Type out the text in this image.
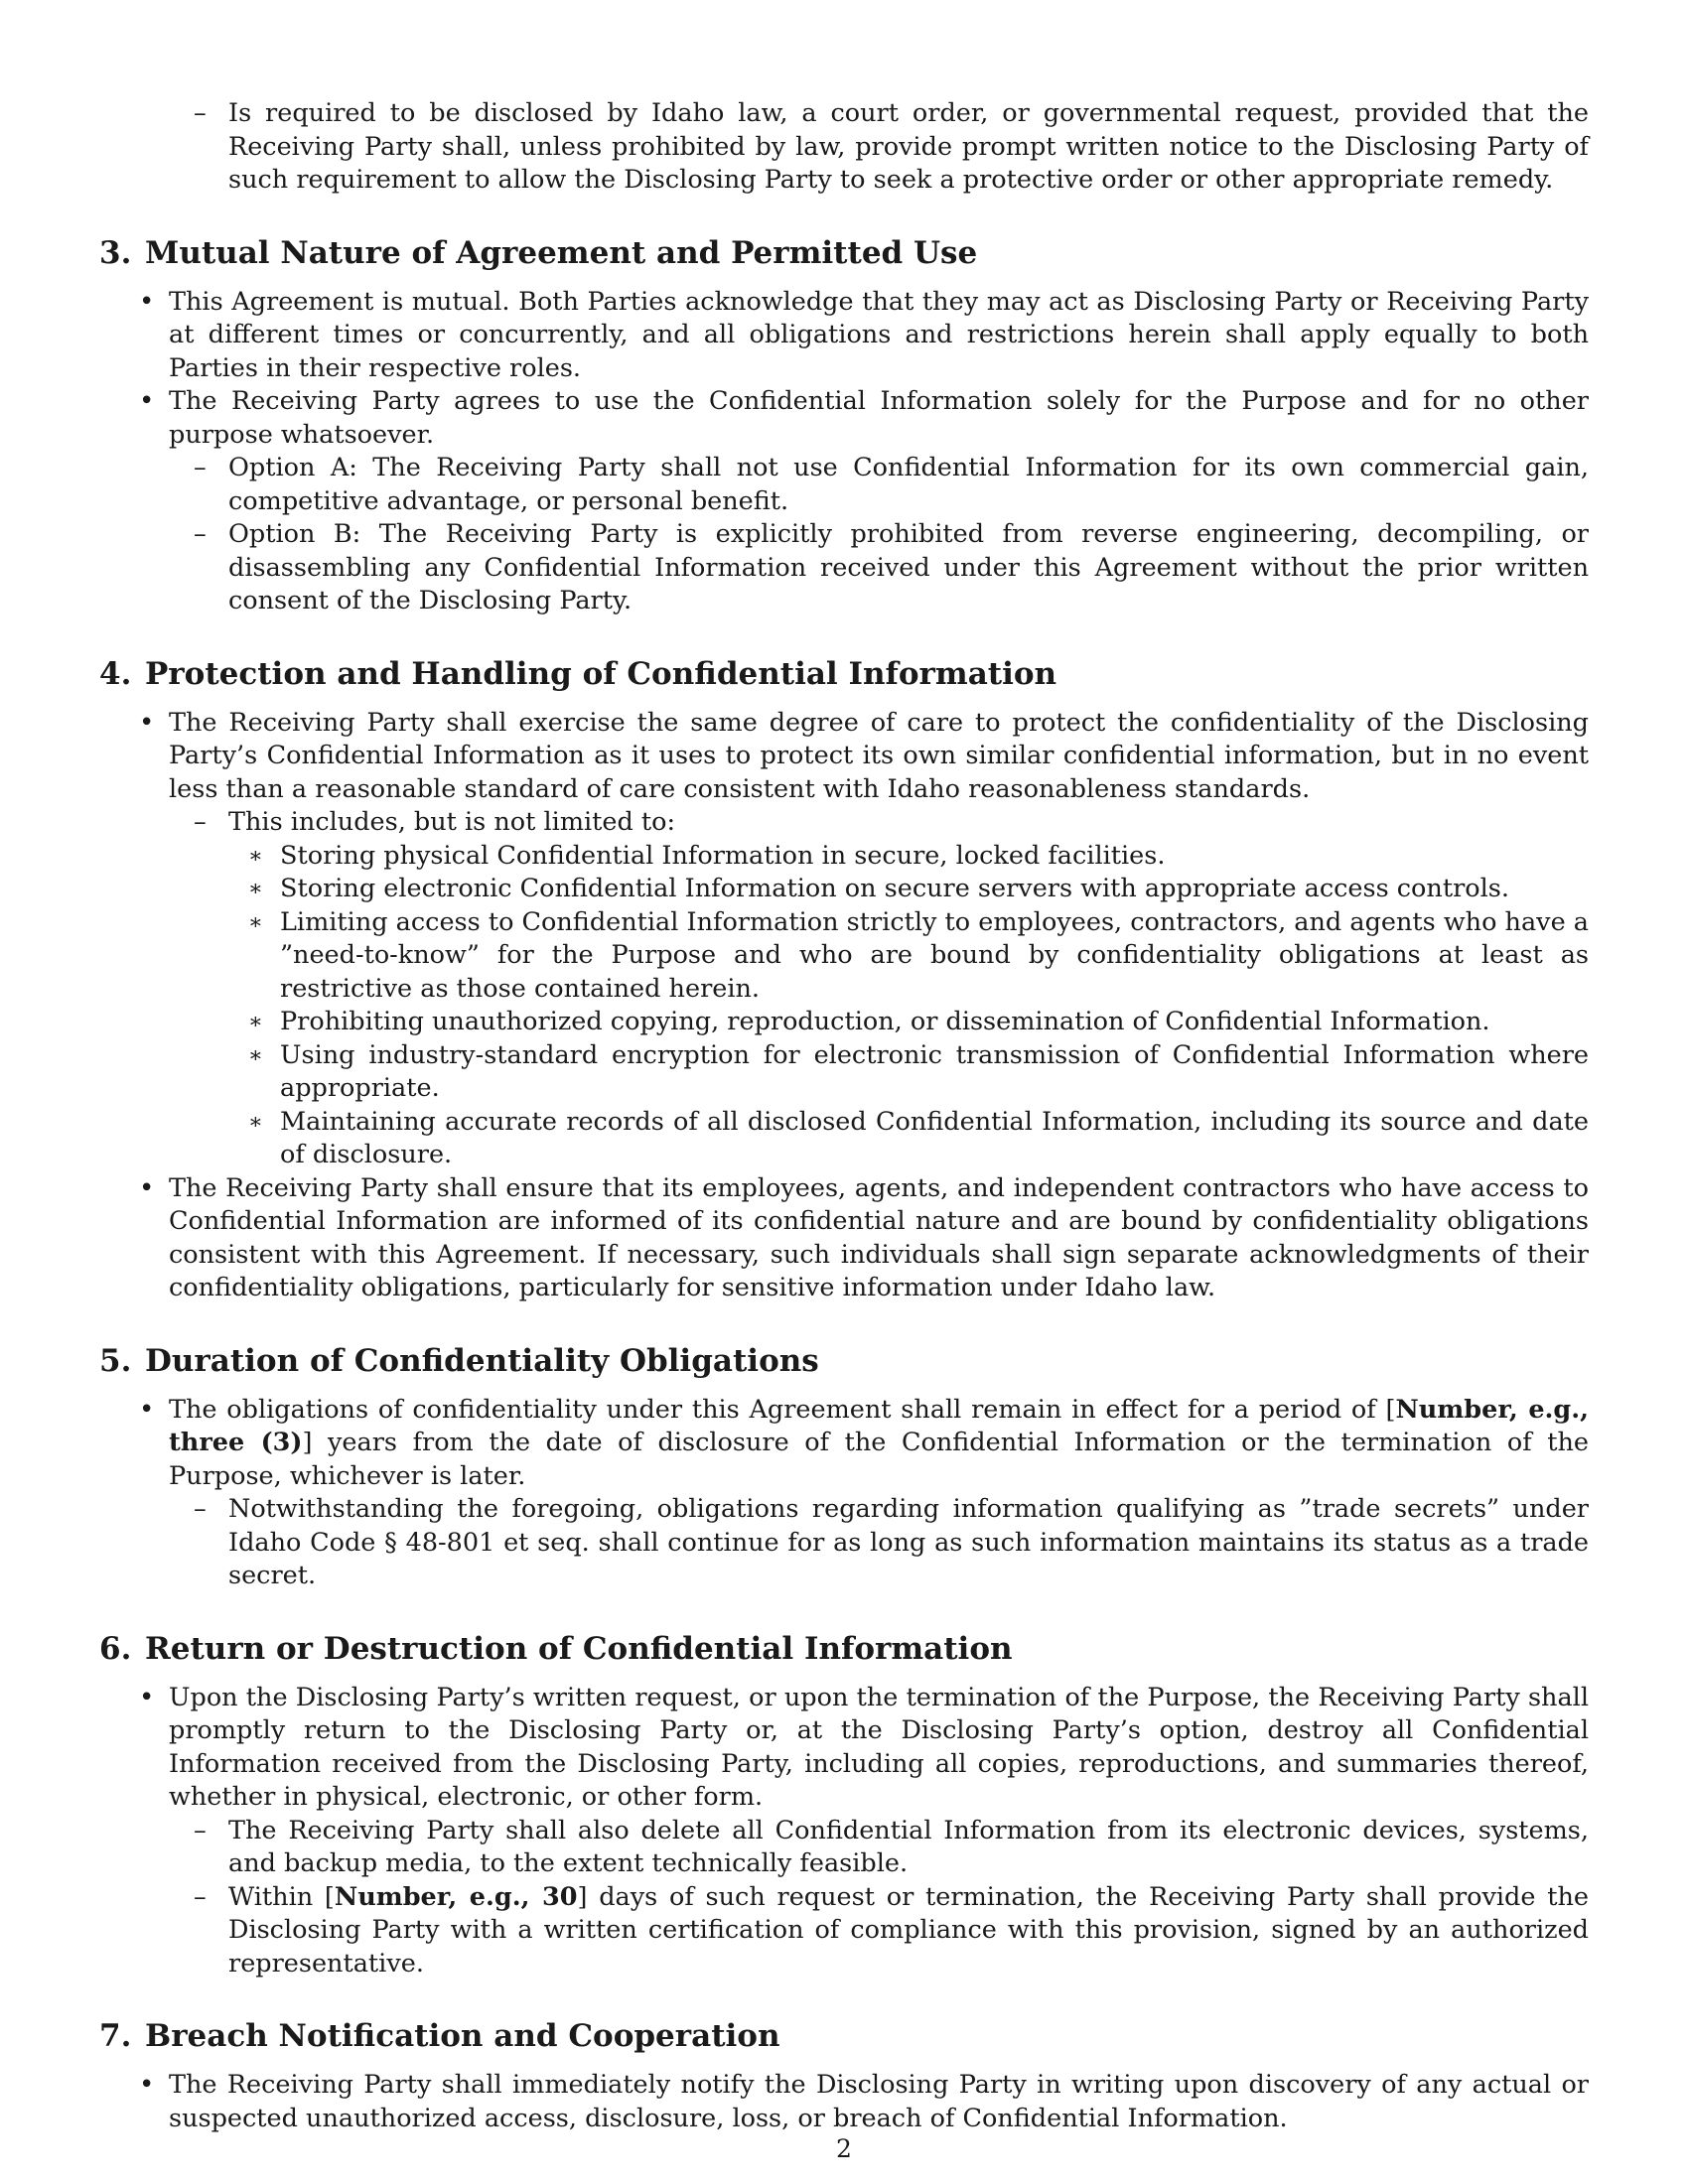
– Is required to be disclosed by Idaho law, a court order, or governmental request, provided that the Receiving Party shall, unless prohibited by law, provide prompt written notice to the Disclosing Party of such requirement to allow the Disclosing Party to seek a protective order or other appropriate remedy.
3. Mutual Nature of Agreement and Permitted Use
• This Agreement is mutual. Both Parties acknowledge that they may act as Disclosing Party or Receiving Party at different times or concurrently, and all obligations and restrictions herein shall apply equally to both Parties in their respective roles.
• The Receiving Party agrees to use the Confidential Information solely for the Purpose and for no other purpose whatsoever.
– Option A: The Receiving Party shall not use Confidential Information for its own commercial gain, competitive advantage, or personal benefit.
– Option B: The Receiving Party is explicitly prohibited from reverse engineering, decompiling, or disassembling any Confidential Information received under this Agreement without the prior written consent of the Disclosing Party.
4. Protection and Handling of Confidential Information
• The Receiving Party shall exercise the same degree of care to protect the confidentiality of the Disclosing Party’s Confidential Information as it uses to protect its own similar confidential information, but in no event less than a reasonable standard of care consistent with Idaho reasonableness standards.
– This includes, but is not limited to:
∗ Storing physical Confidential Information in secure, locked facilities.
∗ Storing electronic Confidential Information on secure servers with appropriate access controls.
∗ Limiting access to Confidential Information strictly to employees, contractors, and agents who have a ”need-to-know” for the Purpose and who are bound by confidentiality obligations at least as restrictive as those contained herein.
∗ Prohibiting unauthorized copying, reproduction, or dissemination of Confidential Information.
∗ Using industry-standard encryption for electronic transmission of Confidential Information where appropriate.
∗ Maintaining accurate records of all disclosed Confidential Information, including its source and date of disclosure.
• The Receiving Party shall ensure that its employees, agents, and independent contractors who have access to Confidential Information are informed of its confidential nature and are bound by confidentiality obligations consistent with this Agreement. If necessary, such individuals shall sign separate acknowledgments of their confidentiality obligations, particularly for sensitive information under Idaho law.
5. Duration of Confidentiality Obligations
• The obligations of confidentiality under this Agreement shall remain in effect for a period of [Number, e.g., three (3)] years from the date of disclosure of the Confidential Information or the termination of the Purpose, whichever is later.
– Notwithstanding the foregoing, obligations regarding information qualifying as ”trade secrets” under Idaho Code § 48-801 et seq. shall continue for as long as such information maintains its status as a trade secret.
6. Return or Destruction of Confidential Information
• Upon the Disclosing Party’s written request, or upon the termination of the Purpose, the Receiving Party shall promptly return to the Disclosing Party or, at the Disclosing Party’s option, destroy all Confidential Information received from the Disclosing Party, including all copies, reproductions, and summaries thereof, whether in physical, electronic, or other form.
– The Receiving Party shall also delete all Confidential Information from its electronic devices, systems, and backup media, to the extent technically feasible.
– Within [Number, e.g., 30] days of such request or termination, the Receiving Party shall provide the Disclosing Party with a written certification of compliance with this provision, signed by an authorized representative.
7. Breach Notification and Cooperation
• The Receiving Party shall immediately notify the Disclosing Party in writing upon discovery of any actual or suspected unauthorized access, disclosure, loss, or breach of Confidential Information.
2
